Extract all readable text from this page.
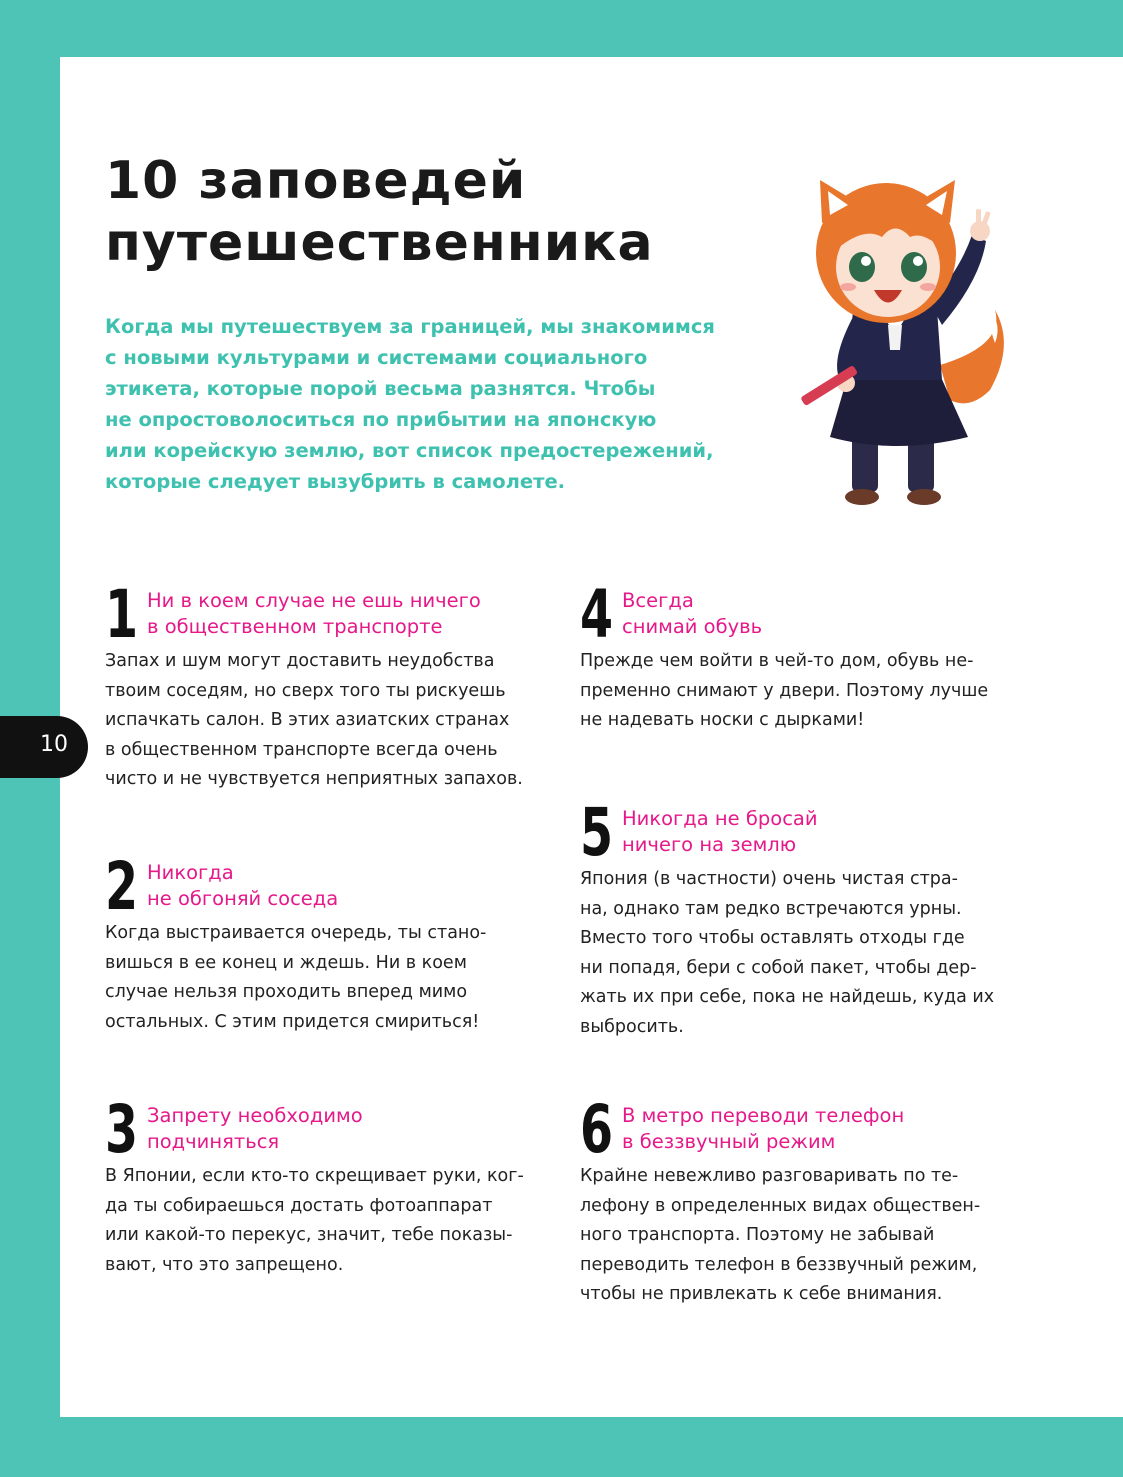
10 заповедей
путешественника
Когда мы путешествуем за границей, мы знакомимся
с новыми культурами и системами социального
этикета, которые порой весьма разнятся. Чтобы
не опростоволоситься по прибытии на японскую
или корейскую землю, вот список предостережений,
которые следует вызубрить в самолете.
1 Ни в коем случае не ешь ничего
в общественном транспорте
Запах и шум могут доставить неудобства
твоим соседям, но сверх того ты рискуешь
испачкать салон. В этих азиатских странах
в общественном транспорте всегда очень
чисто и не чувствуется неприятных запахов.
2 Никогда
не обгоняй соседа
Когда выстраивается очередь, ты стано-
вишься в ее конец и ждешь. Ни в коем
случае нельзя проходить вперед мимо
остальных. С этим придется смириться!
3 Запрету необходимо
подчиняться
В Японии, если кто-то скрещивает руки, ког-
да ты собираешься достать фотоаппарат
или какой-то перекус, значит, тебе показы-
вают, что это запрещено.
4 Всегда
снимай обувь
Прежде чем войти в чей-то дом, обувь не-
пременно снимают у двери. Поэтому лучше
не надевать носки с дырками!
5 Никогда не бросай
ничего на землю
Япония (в частности) очень чистая стра-
на, однако там редко встречаются урны.
Вместо того чтобы оставлять отходы где
ни попадя, бери с собой пакет, чтобы дер-
жать их при себе, пока не найдешь, куда их
выбросить.
6 В метро переводи телефон
в беззвучный режим
Крайне невежливо разговаривать по те-
лефону в определенных видах обществен-
ного транспорта. Поэтому не забывай
переводить телефон в беззвучный режим,
чтобы не привлекать к себе внимания.
10
